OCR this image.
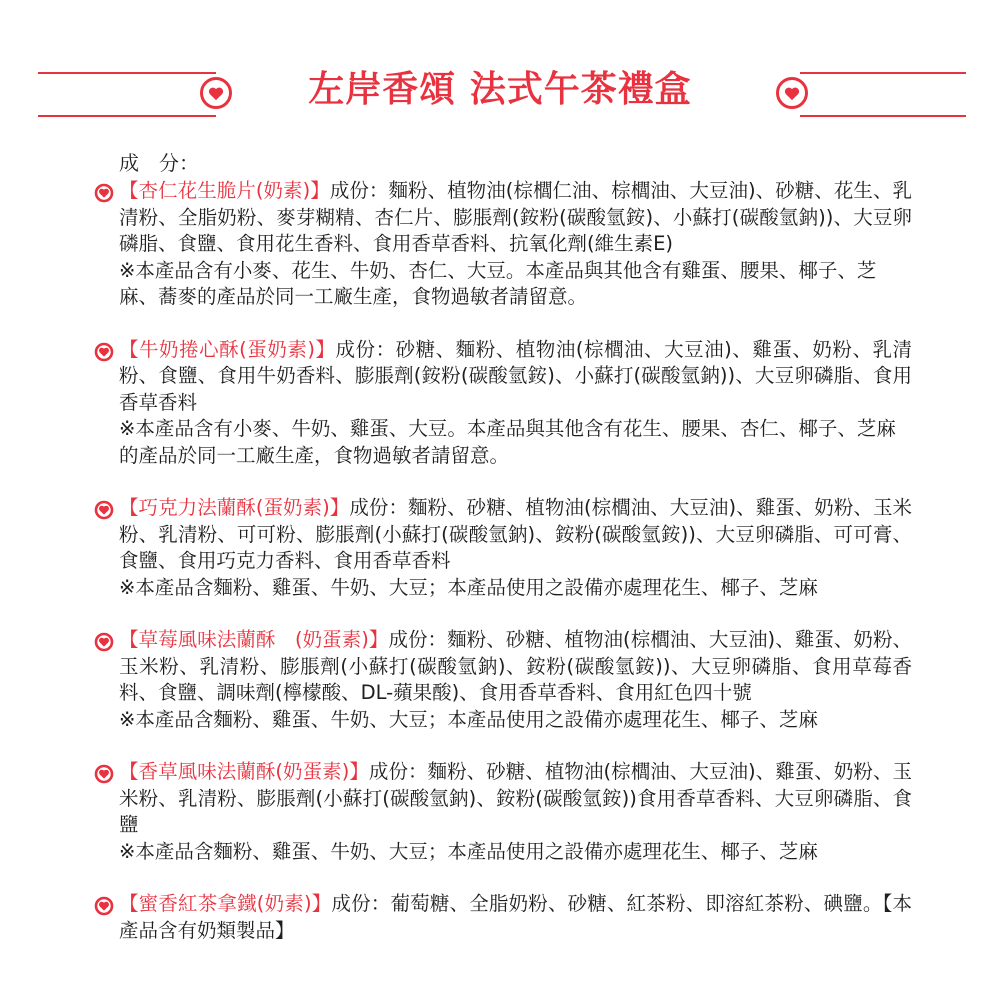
左岸香頌 法式午茶禮盒
成　分：
【杏仁花生脆片(奶素)】成份：麵粉、植物油(棕櫚仁油、棕櫚油、大豆油)、砂糖、花生、乳清粉、全脂奶粉、麥芽糊精、杏仁片、膨脹劑(銨粉(碳酸氫銨)、小蘇打(碳酸氫鈉))、大豆卵磷脂、食鹽、食用花生香料、食用香草香料、抗氧化劑(維生素E)
※本產品含有小麥、花生、牛奶、杏仁、大豆。本產品與其他含有雞蛋、腰果、椰子、芝麻、蕎麥的產品於同一工廠生產，食物過敏者請留意。
【牛奶捲心酥(蛋奶素)】成份：砂糖、麵粉、植物油(棕櫚油、大豆油)、雞蛋、奶粉、乳清粉、食鹽、食用牛奶香料、膨脹劑(銨粉(碳酸氫銨)、小蘇打(碳酸氫鈉))、大豆卵磷脂、食用香草香料
※本產品含有小麥、牛奶、雞蛋、大豆。本產品與其他含有花生、腰果、杏仁、椰子、芝麻的產品於同一工廠生產，食物過敏者請留意。
【巧克力法蘭酥(蛋奶素)】成份：麵粉、砂糖、植物油(棕櫚油、大豆油)、雞蛋、奶粉、玉米粉、乳清粉、可可粉、膨脹劑(小蘇打(碳酸氫鈉)、銨粉(碳酸氫銨))、大豆卵磷脂、可可膏、食鹽、食用巧克力香料、食用香草香料
※本產品含麵粉、雞蛋、牛奶、大豆；本產品使用之設備亦處理花生、椰子、芝麻
【草莓風味法蘭酥　(奶蛋素)】成份：麵粉、砂糖、植物油(棕櫚油、大豆油)、雞蛋、奶粉、玉米粉、乳清粉、膨脹劑(小蘇打(碳酸氫鈉)、銨粉(碳酸氫銨))、大豆卵磷脂、食用草莓香料、食鹽、調味劑(檸檬酸、DL-蘋果酸)、食用香草香料、食用紅色四十號
※本產品含麵粉、雞蛋、牛奶、大豆；本產品使用之設備亦處理花生、椰子、芝麻
【香草風味法蘭酥(奶蛋素)】成份：麵粉、砂糖、植物油(棕櫚油、大豆油)、雞蛋、奶粉、玉米粉、乳清粉、膨脹劑(小蘇打(碳酸氫鈉)、銨粉(碳酸氫銨))食用香草香料、大豆卵磷脂、食鹽
※本產品含麵粉、雞蛋、牛奶、大豆；本產品使用之設備亦處理花生、椰子、芝麻
【蜜香紅茶拿鐵(奶素)】成份：葡萄糖、全脂奶粉、砂糖、紅茶粉、即溶紅茶粉、碘鹽。【本產品含有奶類製品】
